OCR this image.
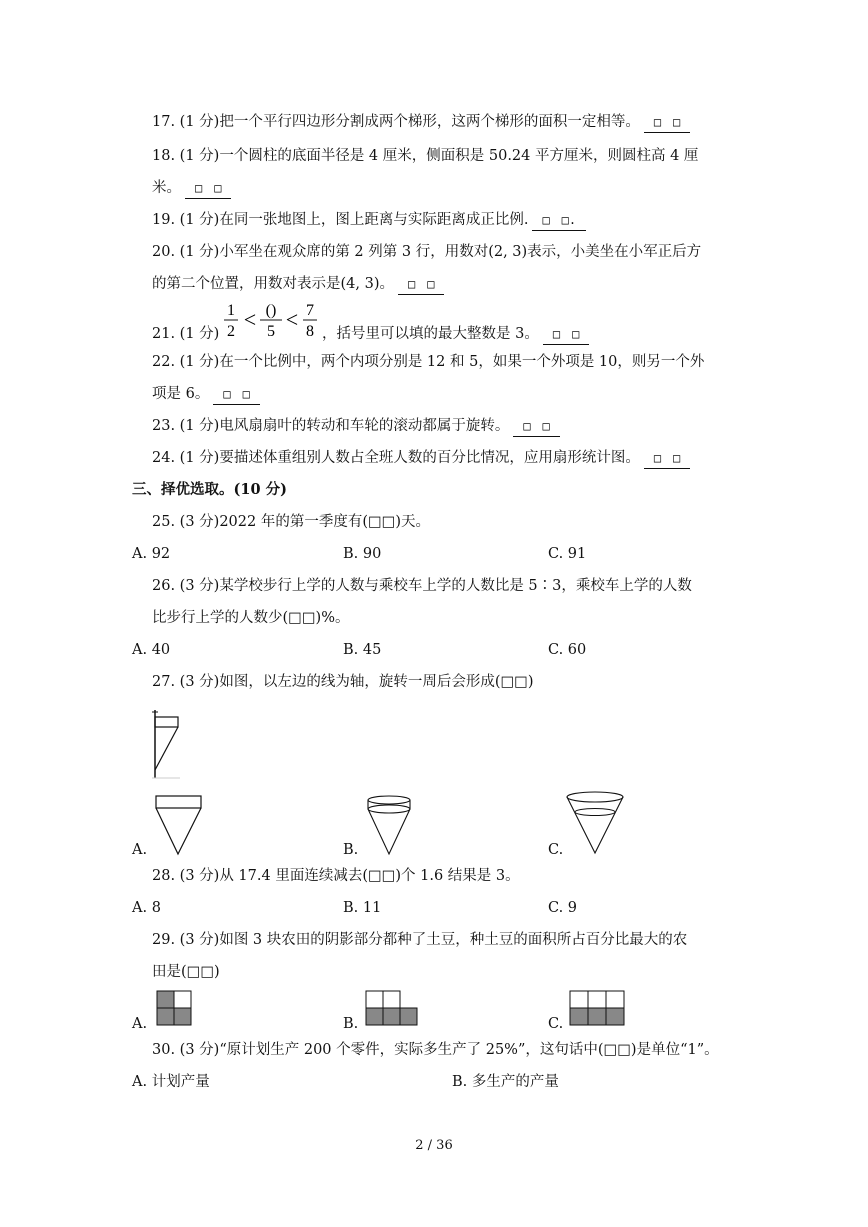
17. (1 分)把一个平行四边形分割成两个梯形，这两个梯形的面积一定相等。 □　□
18. (1 分)一个圆柱的底面半径是 4 厘米，侧面积是 50.24 平方厘米，则圆柱高 4 厘
米。 □　□
19. (1 分)在同一张地图上，图上距离与实际距离成正比例. □　□.
20. (1 分)小军坐在观众席的第 2 列第 3 行，用数对(2, 3)表示，小美坐在小军正后方
的第二个位置，用数对表示是(4, 3)。 □　□
21. (1 分)
1
2 < ()
5 < 7
8 ，括号里可以填的最大整数是 3。 □　□
22. (1 分)在一个比例中，两个内项分别是 12 和 5，如果一个外项是 10，则另一个外
项是 6。 □　□
23. (1 分)电风扇扇叶的转动和车轮的滚动都属于旋转。 □　□
24. (1 分)要描述体重组别人数占全班人数的百分比情况，应用扇形统计图。 □　□
三、择优选取。(10 分)
25. (3 分)2022 年的第一季度有(□□)天。
A. 92	B. 90	C. 91
26. (3 分)某学校步行上学的人数与乘校车上学的人数比是 5∶3，乘校车上学的人数
比步行上学的人数少(□□)%。
A. 40	B. 45	C. 60
27. (3 分)如图，以左边的线为轴，旋转一周后会形成(□□)
A.	B.	C.
28. (3 分)从 17.4 里面连续减去(□□)个 1.6 结果是 3。
A. 8	B. 11	C. 9
29. (3 分)如图 3 块农田的阴影部分都种了土豆，种土豆的面积所占百分比最大的农
田是(□□)
A.	B.	C.
30. (3 分)“原计划生产 200 个零件，实际多生产了 25%”，这句话中(□□)是单位“1”。
A. 计划产量	B. 多生产的产量
2 / 36
